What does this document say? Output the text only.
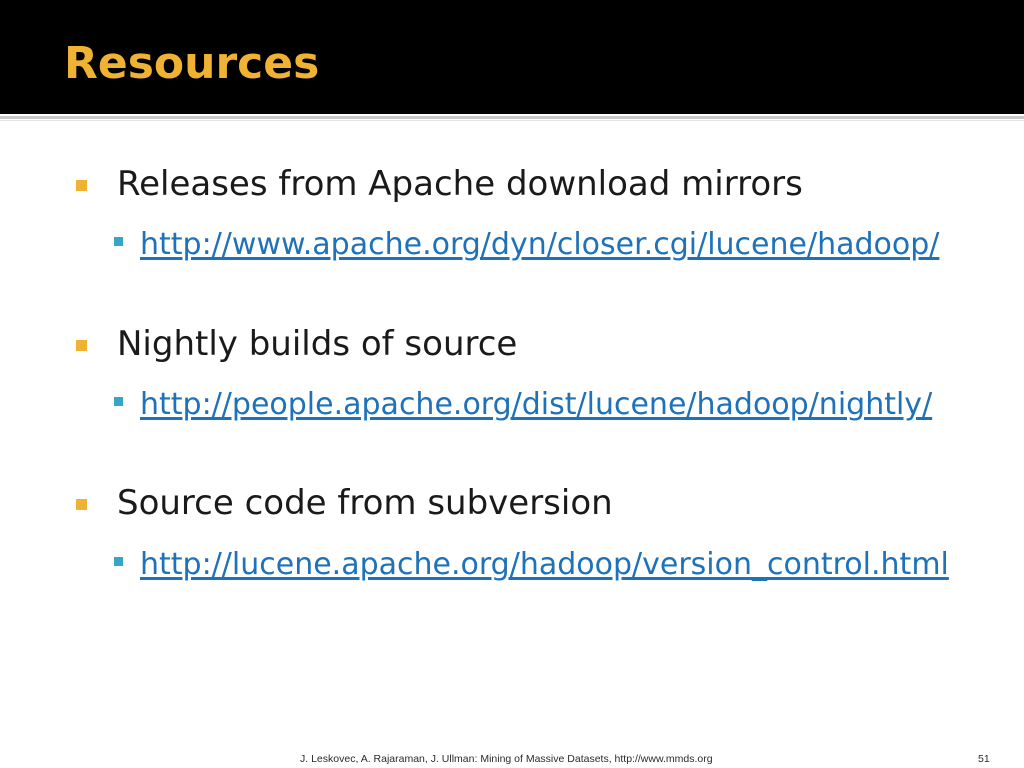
Resources

Releases from Apache download mirrors

http://www.apache.org/dyn/closer.cgi/lucene/hadoop/

Nightly builds of source

http://people.apache.org/dist/lucene/hadoop/nightly/

Source code from subversion

http://lucene.apache.org/hadoop/version_control.html

J. Leskovec, A. Rajaraman, J. Ullman: Mining of Massive Datasets, http://www.mmds.org	51
